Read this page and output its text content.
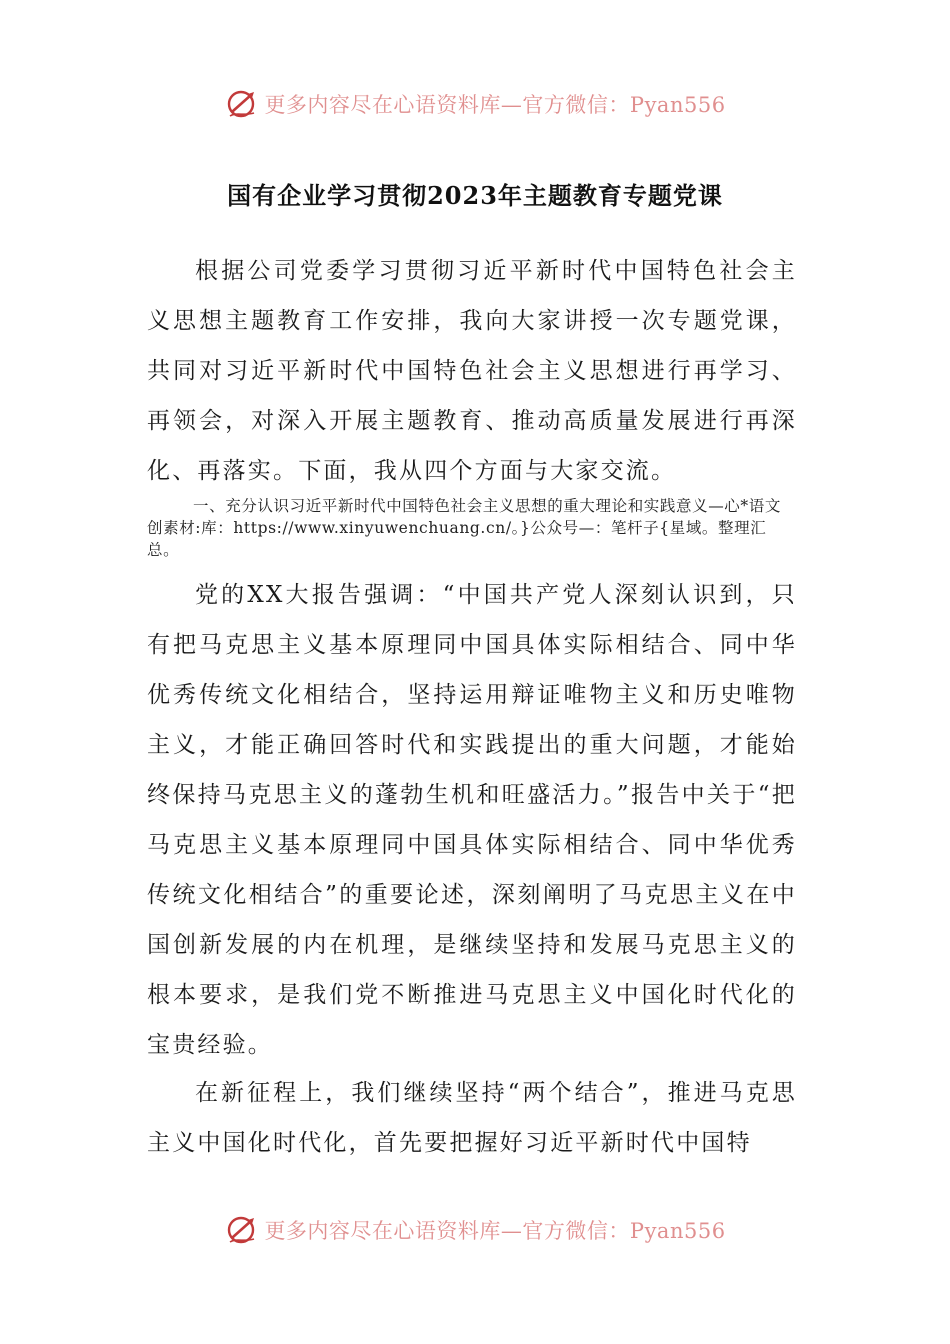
更多内容尽在心语资料库—官方微信：Pyan556
国有企业学习贯彻2023年主题教育专题党课

根据公司党委学习贯彻习近平新时代中国特色社会主义思想主题教育工作安排，我向大家讲授一次专题党课，共同对习近平新时代中国特色社会主义思想进行再学习、再领会，对深入开展主题教育、推动高质量发展进行再深化、再落实。下面，我从四个方面与大家交流。

一、充分认识习近平新时代中国特色社会主义思想的重大理论和实践意义—心*语文创素材:库：https://www.xinyuwenchuang.cn/。}公众号—：笔杆子{星域。整理汇总。

党的XX大报告强调：“中国共产党人深刻认识到，只有把马克思主义基本原理同中国具体实际相结合、同中华优秀传统文化相结合，坚持运用辩证唯物主义和历史唯物主义，才能正确回答时代和实践提出的重大问题，才能始终保持马克思主义的蓬勃生机和旺盛活力。”报告中关于“把马克思主义基本原理同中国具体实际相结合、同中华优秀传统文化相结合”的重要论述，深刻阐明了马克思主义在中国创新发展的内在机理，是继续坚持和发展马克思主义的根本要求，是我们党不断推进马克思主义中国化时代化的宝贵经验。

在新征程上，我们继续坚持“两个结合”，推进马克思主义中国化时代化，首先要把握好习近平新时代中国特

更多内容尽在心语资料库—官方微信：Pyan556
